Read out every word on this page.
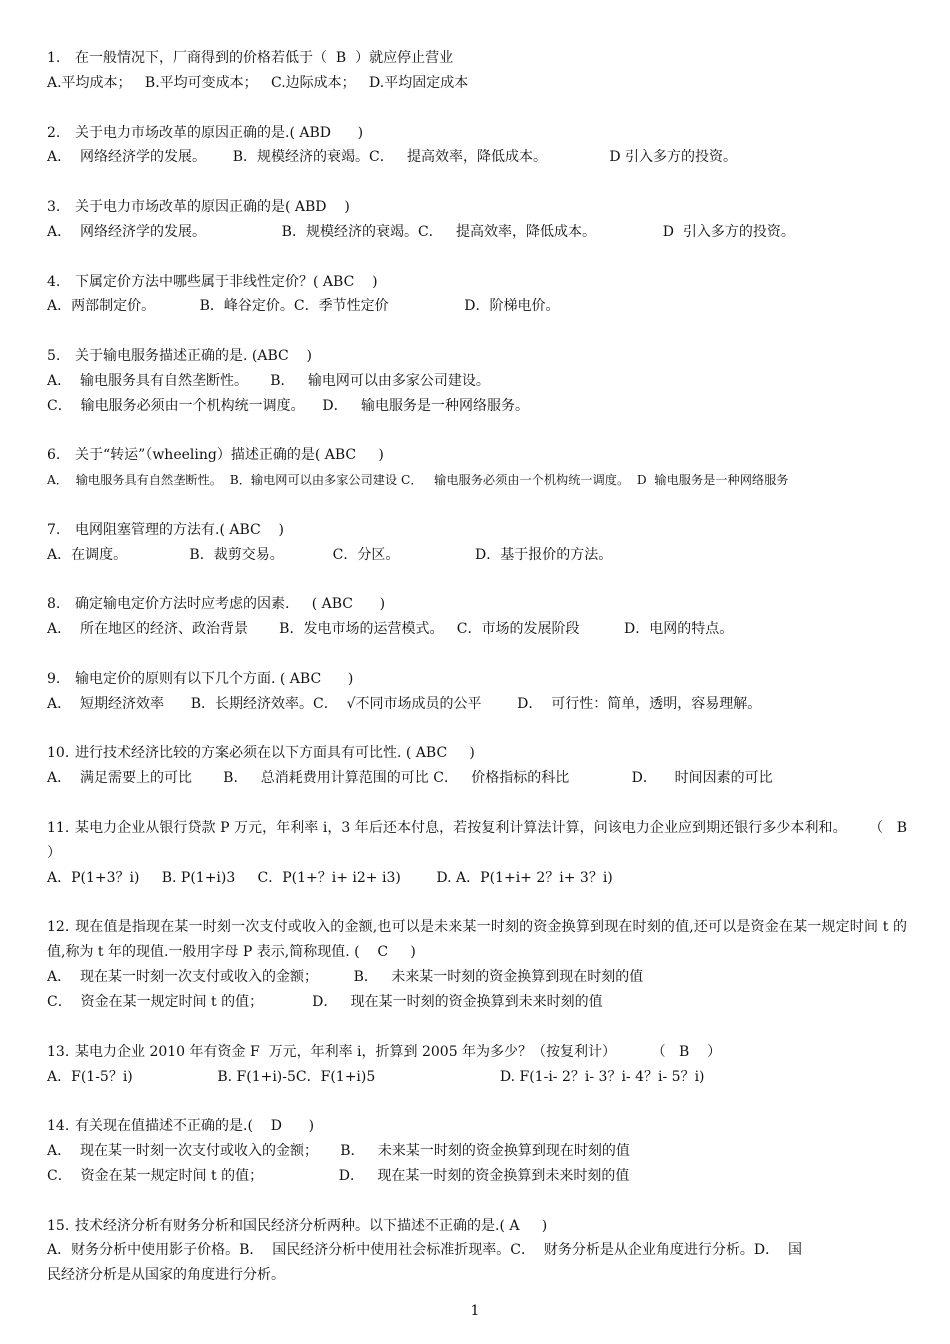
1. 在一般情况下，厂商得到的价格若低于（  B  ）就应停止营业
A.平均成本；   B.平均可变成本；   C.边际成本；   D.平均固定成本
2. 关于电力市场改革的原因正确的是.( ABD      )
A．  网络经济学的发展。      B．规模经济的衰竭。C．   提高效率，降低成本。              D 引入多方的投资。
3. 关于电力市场改革的原因正确的是( ABD    )
A．  网络经济学的发展。                 B．规模经济的衰竭。C．   提高效率，降低成本。               D  引入多方的投资。
4. 下属定价方法中哪些属于非线性定价？( ABC    )
A．两部制定价。          B．峰谷定价。C．季节性定价                 D．阶梯电价。
5. 关于输电服务描述正确的是. (ABC    )
A．  输电服务具有自然垄断性。     B．   输电网可以由多家公司建设。
C．  输电服务必须由一个机构统一调度。    D．   输电服务是一种网络服务。
6. 关于“转运”（wheeling）描述正确的是( ABC     )
A．  输电服务具有自然垄断性。  B．输电网可以由多家公司建设 C．   输电服务必须由一个机构统一调度。  D  输电服务是一种网络服务
7. 电网阻塞管理的方法有.( ABC    )
A．在调度。              B．裁剪交易。           C．分区。                 D．基于报价的方法。
8. 确定输电定价方法时应考虑的因素.     ( ABC      )
A．  所在地区的经济、政治背景       B．发电市场的运营模式。   C．市场的发展阶段          D．电网的特点。
9. 输电定价的原则有以下几个方面. ( ABC      )
A．  短期经济效率      B．长期经济效率。C．  √不同市场成员的公平        D．  可行性：简单，透明，容易理解。
10. 进行技术经济比较的方案必须在以下方面具有可比性. ( ABC     )
A．  满足需要上的可比       B．   总消耗费用计算范围的可比 C．   价格指标的科比              D．    时间因素的可比
11. 某电力企业从银行贷款 P 万元，年利率 i，3 年后还本付息，若按复利计算法计算，问该电力企业应到期还银行多少本利和。     （   B   ）
A．P(1+3？i)     B. P(1+i)3     C．P(1+？i+ i2+ i3)        D. A．P(1+i+ 2？i+ 3？i)
12. 现在值是指现在某一时刻一次支付或收入的金额,也可以是未来某一时刻的资金换算到现在时刻的值,还可以是资金在某一规定时间 t 的值,称为 t 年的现值.一般用字母 P 表示,简称现值. (    C     )
A．  现在某一时刻一次支付或收入的金额；        B．   未来某一时刻的资金换算到现在时刻的值
C．  资金在某一规定时间 t 的值；           D．   现在某一时刻的资金换算到未来时刻的值
13. 某电力企业 2010 年有资金 F  万元，年利率 i，折算到 2005 年为多少？（按复利计）        （   B    ）
A．F(1-5？i)                   B. F(1+i)-5C．F(1+i)5                            D. F(1-i- 2？i- 3？i- 4？i- 5？i)
14. 有关现在值描述不正确的是.(    D      )
A．  现在某一时刻一次支付或收入的金额；     B．   未来某一时刻的资金换算到现在时刻的值
C．  资金在某一规定时间 t 的值；                 D．   现在某一时刻的资金换算到未来时刻的值
15. 技术经济分析有财务分析和国民经济分析两种。以下描述不正确的是.( A     )
A．财务分析中使用影子价格。B．  国民经济分析中使用社会标准折现率。C．  财务分析是从企业角度进行分析。D．  国
民经济分析是从国家的角度进行分析。
1
